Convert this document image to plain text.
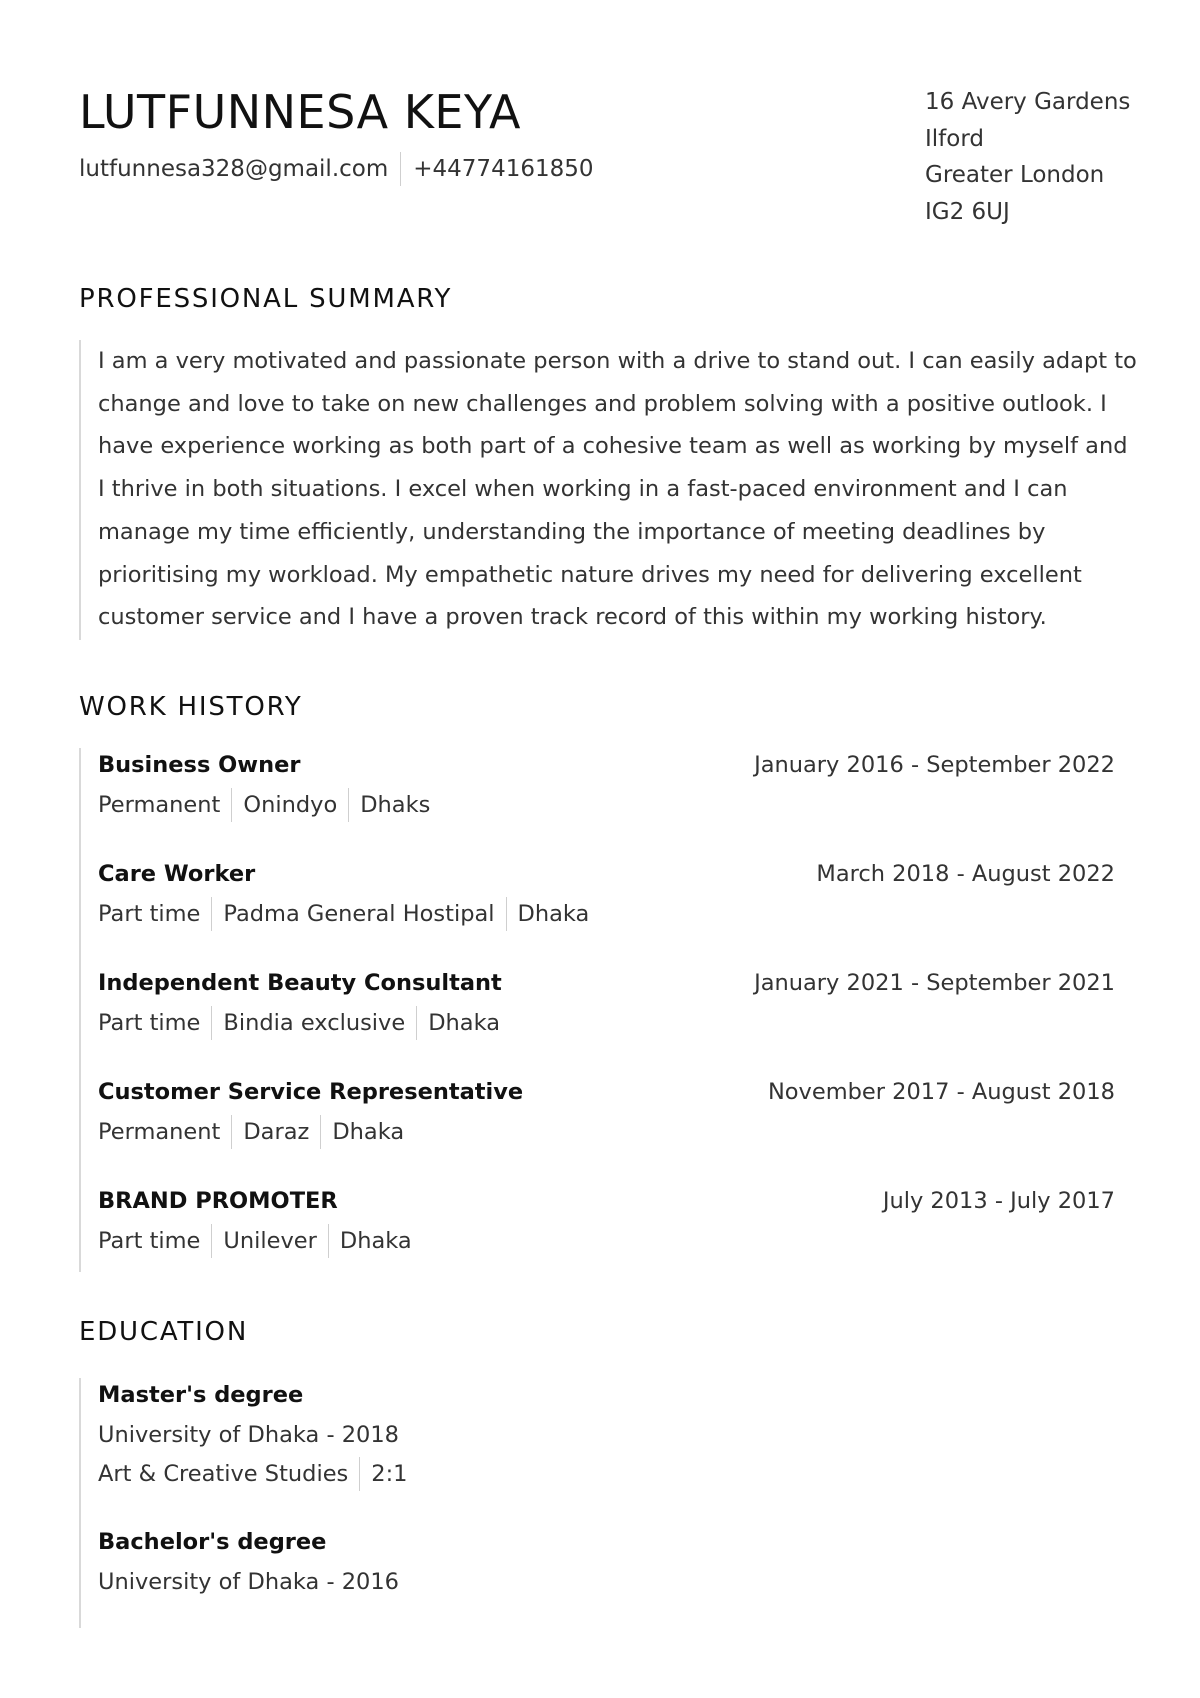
LUTFUNNESA KEYA
lutfunnesa328@gmail.com +44774161850
16 Avery Gardens
Ilford
Greater London
IG2 6UJ
PROFESSIONAL SUMMARY

I am a very motivated and passionate person with a drive to stand out. I can easily adapt to change and love to take on new challenges and problem solving with a positive outlook. I have experience working as both part of a cohesive team as well as working by myself and I thrive in both situations. I excel when working in a fast-paced environment and I can manage my time efficiently, understanding the importance of meeting deadlines by prioritising my workload. My empathetic nature drives my need for delivering excellent customer service and I have a proven track record of this within my working history.

WORK HISTORY
Business Owner	January 2016 - September 2022
Permanent Onindyo Dhaks
Care Worker	March 2018 - August 2022
Part time Padma General Hostipal Dhaka
Independent Beauty Consultant	January 2021 - September 2021
Part time Bindia exclusive Dhaka
Customer Service Representative	November 2017 - August 2018
Permanent Daraz Dhaka
BRAND PROMOTER	July 2013 - July 2017
Part time Unilever Dhaka
EDUCATION
Master's degree
University of Dhaka - 2018
Art & Creative Studies 2:1
Bachelor's degree
University of Dhaka - 2016
